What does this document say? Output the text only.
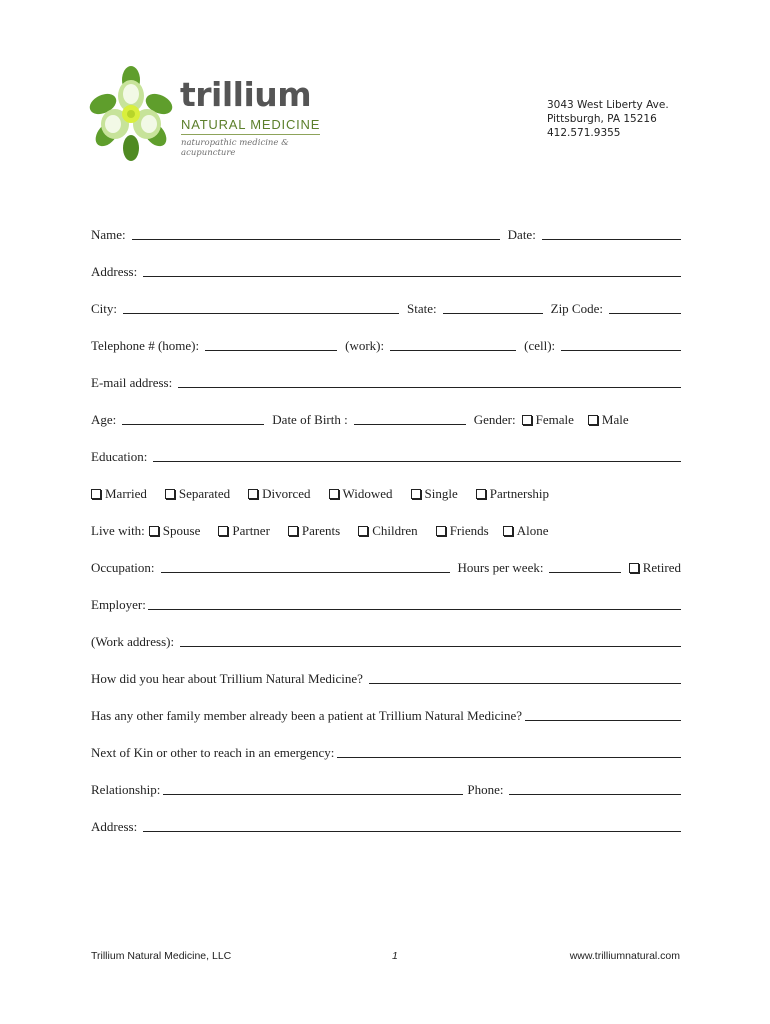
trillium
NATURAL MEDICINE
naturopathic medicine & acupuncture
3043 West Liberty Ave.
Pittsburgh, PA 15216
412.571.9355
Name:	Date:
Address:
City:	State:	Zip Code:
Telephone # (home):	(work):	(cell):
E-mail address:
Age:	Date of Birth :	Gender: Female Male
Education:
Married Separated Divorced Widowed Single Partnership
Live with: Spouse Partner Parents Children Friends Alone
Occupation:	Hours per week:	Retired
Employer:
(Work address):
How did you hear about Trillium Natural Medicine?
Has any other family member already been a patient at Trillium Natural Medicine?
Next of Kin or other to reach in an emergency:
Relationship:	Phone:
Address:
Trillium Natural Medicine, LLC	1	www.trilliumnatural.com
